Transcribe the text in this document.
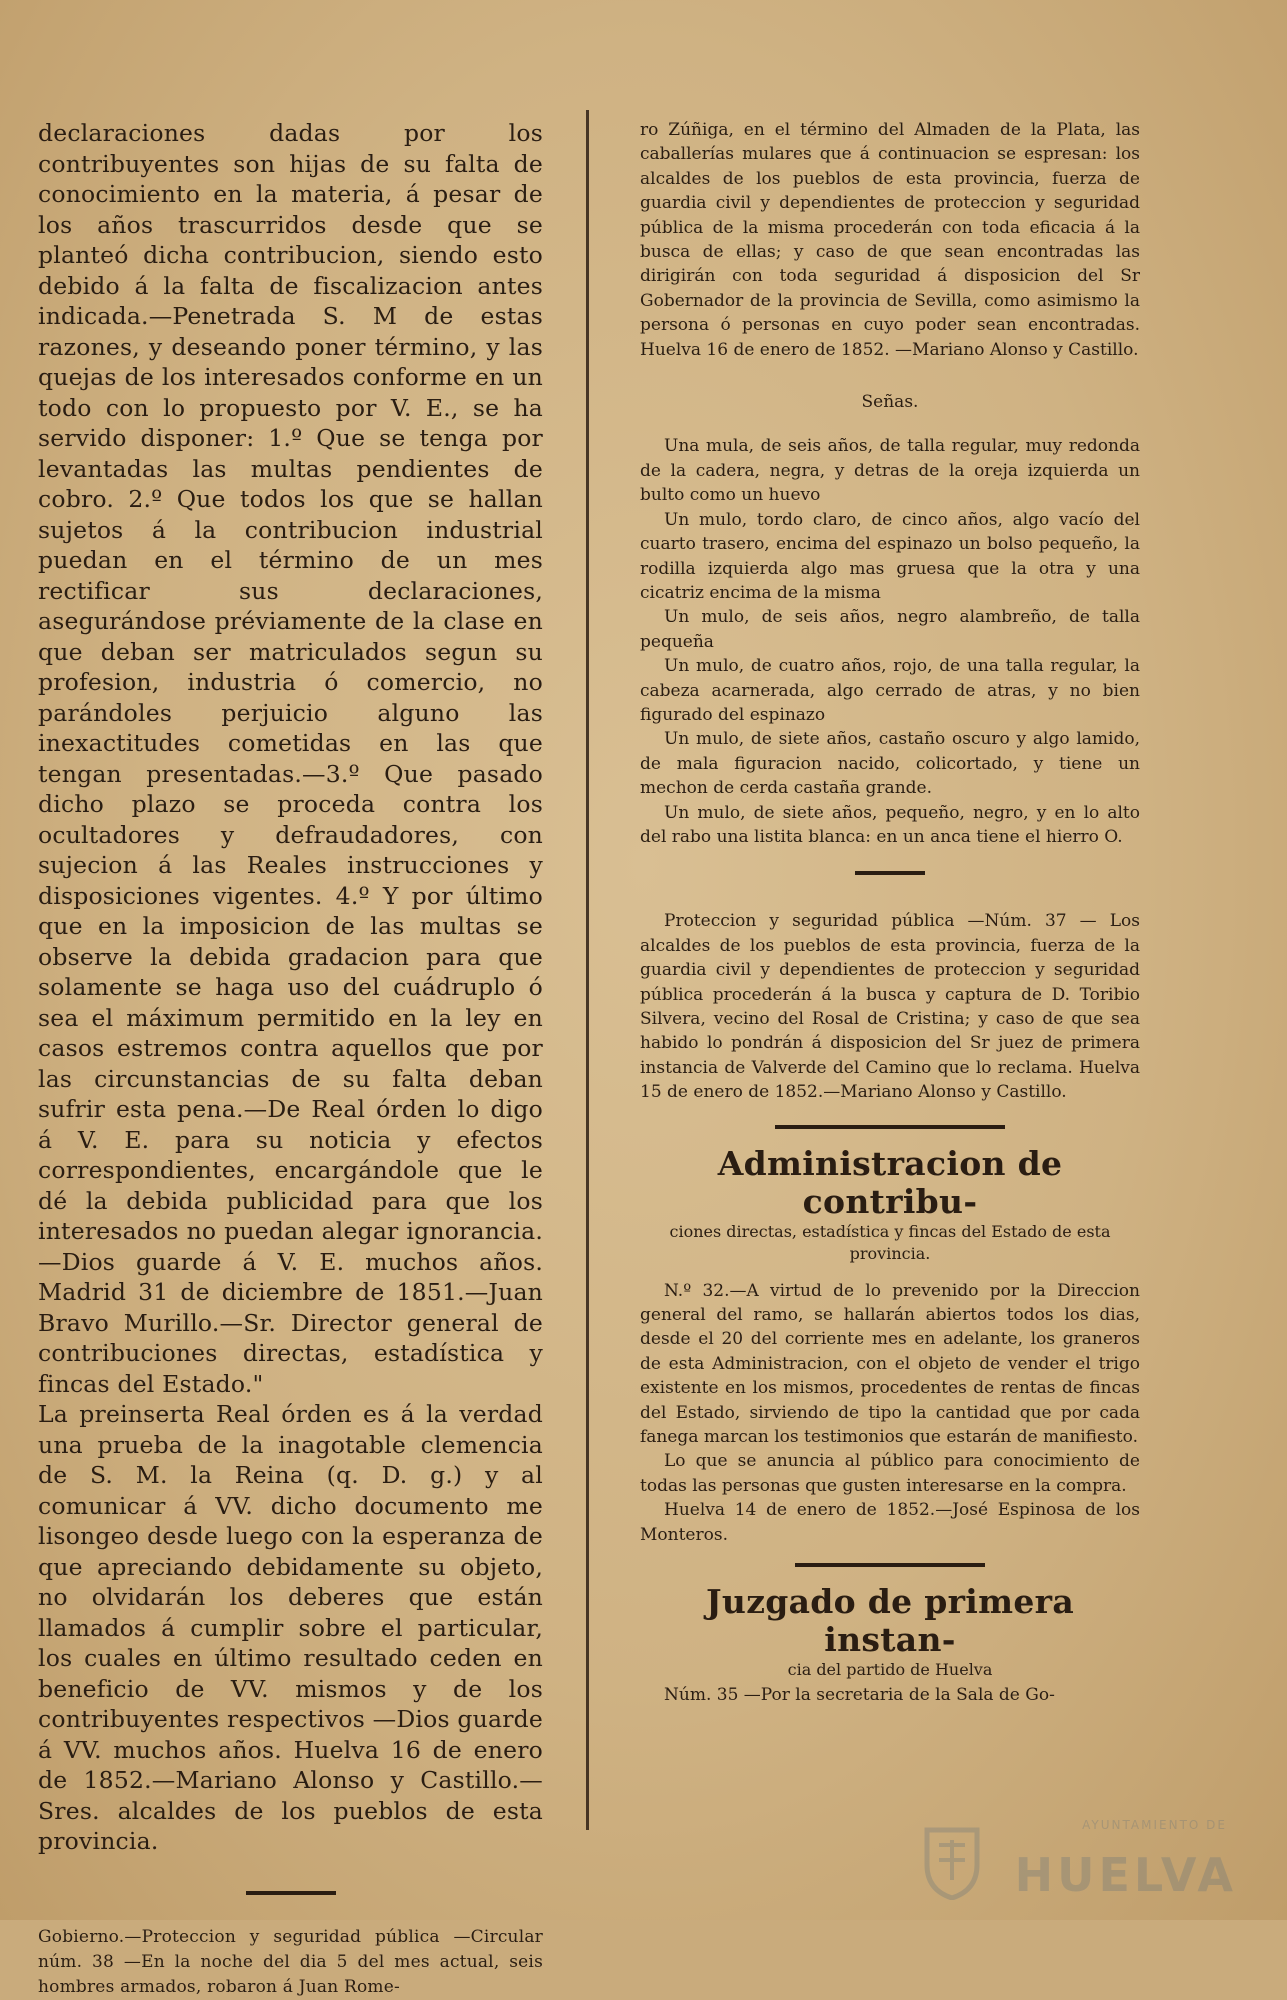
declaraciones dadas por los contribuyentes son hijas de su falta de conocimiento en la materia, á pesar de los años trascurridos desde que se planteó dicha contribucion, siendo esto debido á la falta de fiscalizacion antes indicada.—Penetrada S. M de estas razones, y deseando poner término, y las quejas de los interesados conforme en un todo con lo propuesto por V. E., se ha servido disponer: 1.º Que se tenga por levantadas las multas pendientes de cobro. 2.º Que todos los que se hallan sujetos á la contribucion industrial puedan en el término de un mes rectificar sus declaraciones, asegurándose préviamente de la clase en que deban ser matriculados segun su profesion, industria ó comercio, no parándoles perjuicio alguno las inexactitudes cometidas en las que tengan presentadas.—3.º Que pasado dicho plazo se proceda contra los ocultadores y defraudadores, con sujecion á las Reales instrucciones y disposiciones vigentes. 4.º Y por último que en la imposicion de las multas se observe la debida gradacion para que solamente se haga uso del cuádruplo ó sea el máximum permitido en la ley en casos estremos contra aquellos que por las circunstancias de su falta deban sufrir esta pena.—De Real órden lo digo á V. E. para su noticia y efectos correspondientes, encargándole que le dé la debida publicidad para que los interesados no puedan alegar ignorancia.—Dios guarde á V. E. muchos años. Madrid 31 de diciembre de 1851.—Juan Bravo Murillo.—Sr. Director general de contribuciones directas, estadística y fincas del Estado."

La preinserta Real órden es á la verdad una prueba de la inagotable clemencia de S. M. la Reina (q. D. g.) y al comunicar á VV. dicho documento me lisongeo desde luego con la esperanza de que apreciando debidamente su objeto, no olvidarán los deberes que están llamados á cumplir sobre el particular, los cuales en último resultado ceden en beneficio de VV. mismos y de los contribuyentes respectivos —Dios guarde á VV. muchos años. Huelva 16 de enero de 1852.—Mariano Alonso y Castillo.—Sres. alcaldes de los pueblos de esta provincia.

Gobierno.—Proteccion y seguridad pública —Circular núm. 38 —En la noche del dia 5 del mes actual, seis hombres armados, robaron á Juan Rome-

ro Zúñiga, en el término del Almaden de la Plata, las caballerías mulares que á continuacion se espresan: los alcaldes de los pueblos de esta provincia, fuerza de guardia civil y dependientes de proteccion y seguridad pública de la misma procederán con toda eficacia á la busca de ellas; y caso de que sean encontradas las dirigirán con toda seguridad á disposicion del Sr Gobernador de la provincia de Sevilla, como asimismo la persona ó personas en cuyo poder sean encontradas. Huelva 16 de enero de 1852. —Mariano Alonso y Castillo.

Señas.

Una mula, de seis años, de talla regular, muy redonda de la cadera, negra, y detras de la oreja izquierda un bulto como un huevo

Un mulo, tordo claro, de cinco años, algo vacío del cuarto trasero, encima del espinazo un bolso pequeño, la rodilla izquierda algo mas gruesa que la otra y una cicatriz encima de la misma

Un mulo, de seis años, negro alambreño, de talla pequeña

Un mulo, de cuatro años, rojo, de una talla regular, la cabeza acarnerada, algo cerrado de atras, y no bien figurado del espinazo

Un mulo, de siete años, castaño oscuro y algo lamido, de mala figuracion nacido, colicortado, y tiene un mechon de cerda castaña grande.

Un mulo, de siete años, pequeño, negro, y en lo alto del rabo una listita blanca: en un anca tiene el hierro O.

Proteccion y seguridad pública —Núm. 37 — Los alcaldes de los pueblos de esta provincia, fuerza de la guardia civil y dependientes de proteccion y seguridad pública procederán á la busca y captura de D. Toribio Silvera, vecino del Rosal de Cristina; y caso de que sea habido lo pondrán á disposicion del Sr juez de primera instancia de Valverde del Camino que lo reclama. Huelva 15 de enero de 1852.—Mariano Alonso y Castillo.

Administracion de contribu-
ciones directas, estadística y fincas del Estado de esta provincia.

N.º 32.—A virtud de lo prevenido por la Direccion general del ramo, se hallarán abiertos todos los dias, desde el 20 del corriente mes en adelante, los graneros de esta Administracion, con el objeto de vender el trigo existente en los mismos, procedentes de rentas de fincas del Estado, sirviendo de tipo la cantidad que por cada fanega marcan los testimonios que estarán de manifiesto.

Lo que se anuncia al público para conocimiento de todas las personas que gusten interesarse en la compra.

Huelva 14 de enero de 1852.—José Espinosa de los Monteros.

Juzgado de primera instan-
cia del partido de Huelva

Núm. 35 —Por la secretaria de la Sala de Go-

AYUNTAMIENTO DE
HUELVA
